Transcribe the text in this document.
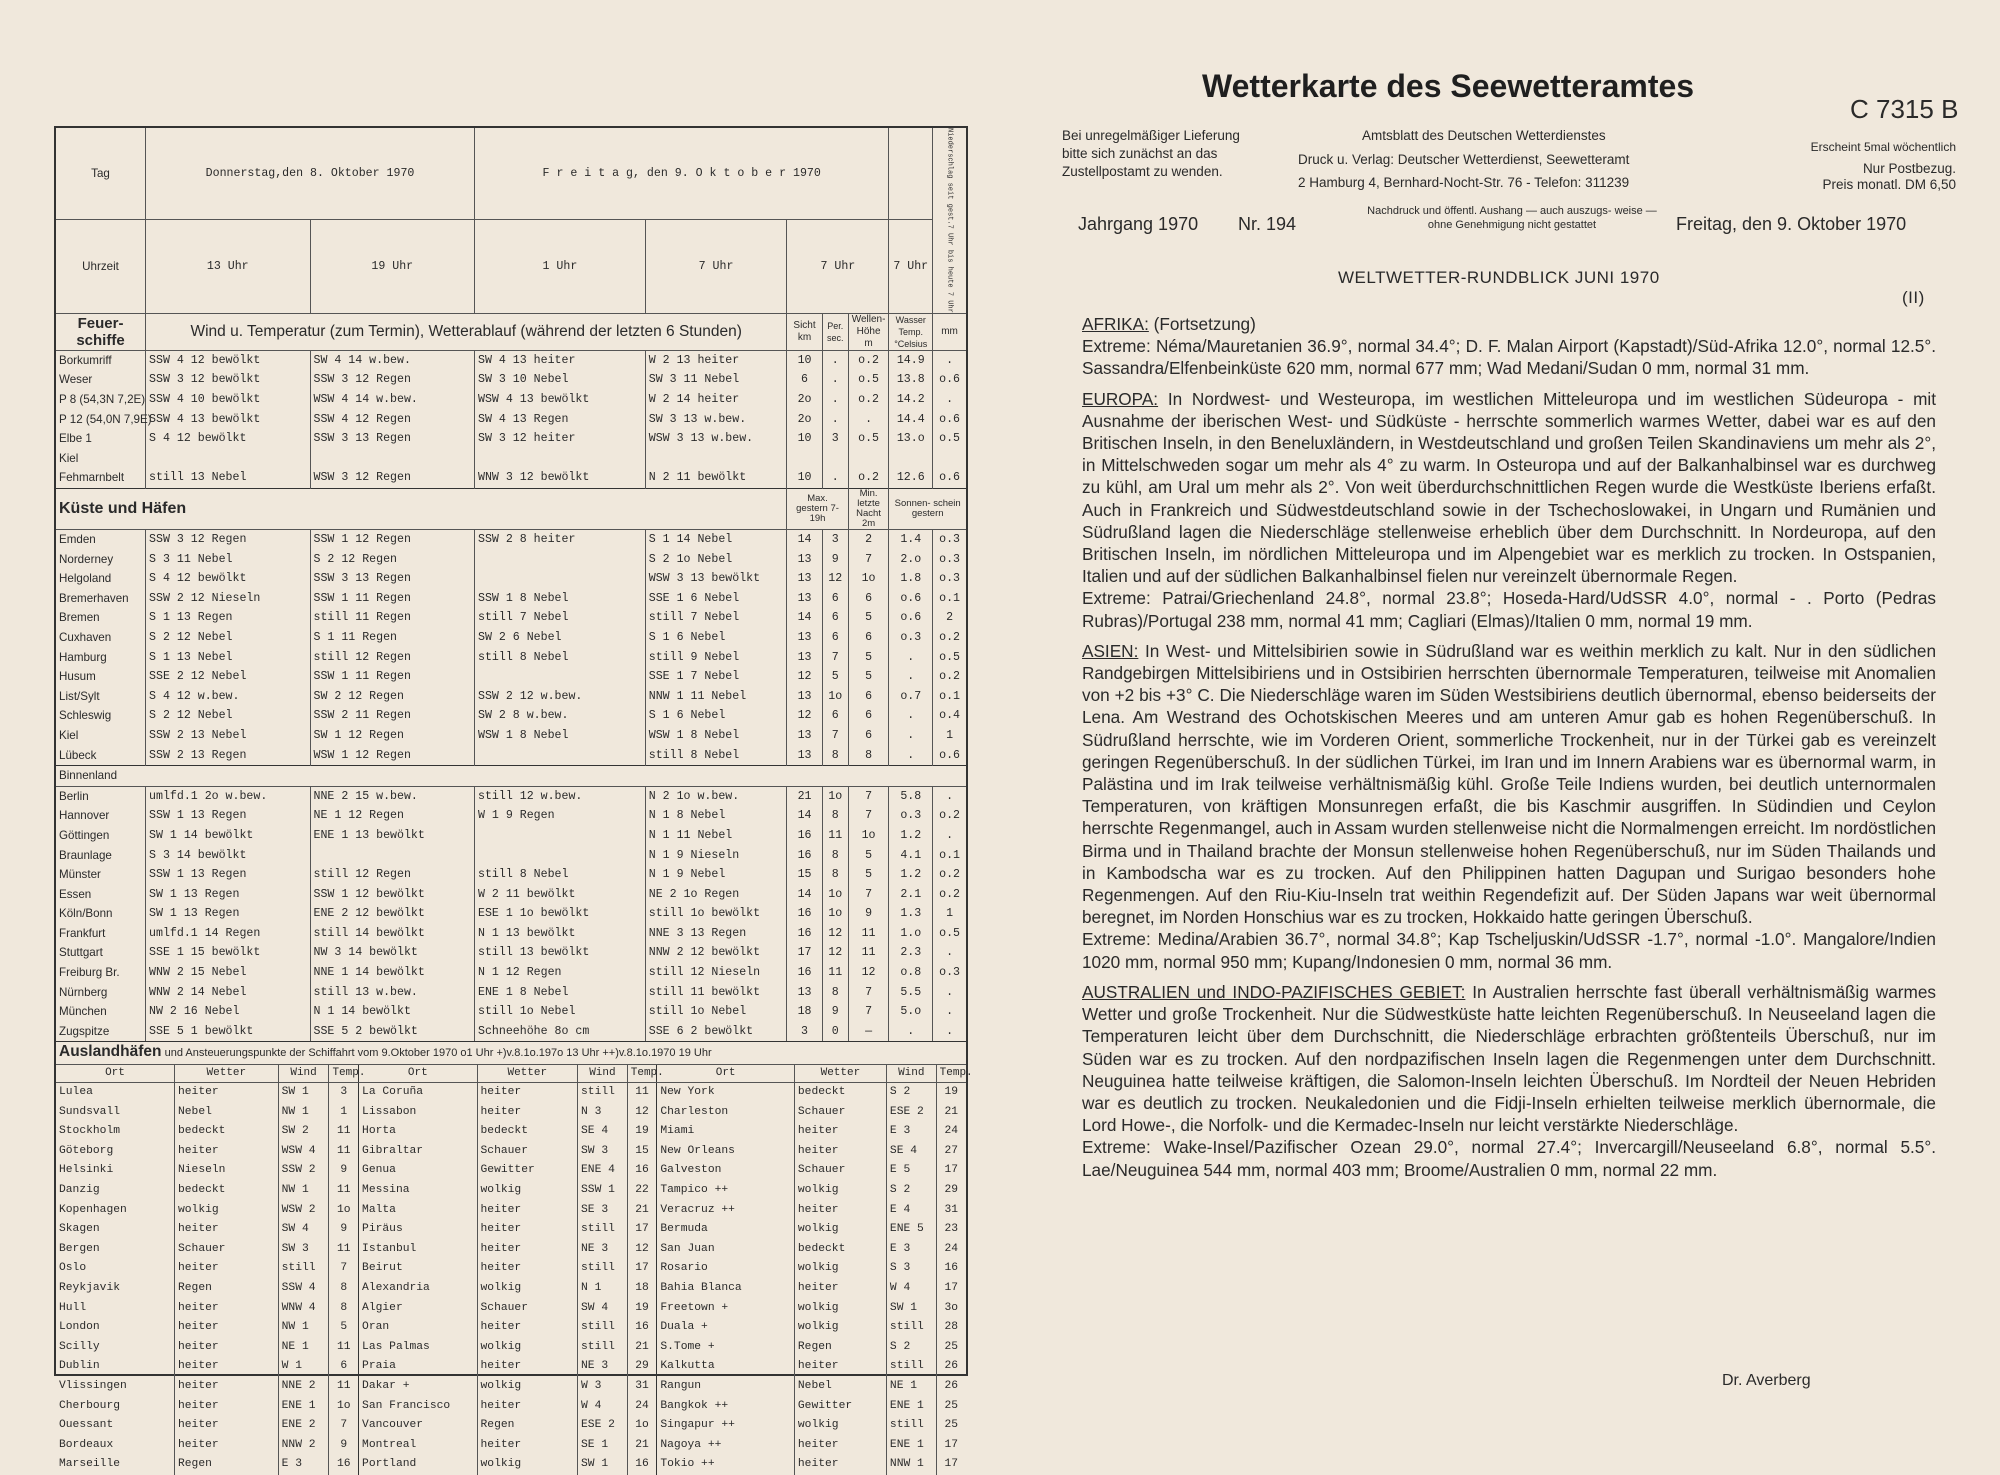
Tag	Donnerstag,den 8. Oktober 1970		F r e i t a g, den 9. O k t o b e r 1970						Niederschlag seit gest.7 Uhr bis heute 7 Uhr
Uhrzeit	13 Uhr	19 Uhr	1 Uhr	7 Uhr	7 Uhr			7 Uhr	
Feuer-schiffe	Wind u. Temperatur (zum Termin), Wetterablauf (während der letzten 6 Stunden)				Sicht km	Per. sec.	Wellen- Höhe m	Wasser Temp. °Celsius	mm
Borkumriff	SSW 4 12 bewölkt	SW 4 14 w.bew.	SW 4 13 heiter	W 2 13 heiter	10	.	o.2	14.9	.
Weser	SSW 3 12 bewölkt	SSW 3 12 Regen	SW 3 10 Nebel	SW 3 11 Nebel	6	.	o.5	13.8	o.6
P 8 (54,3N 7,2E)	SSW 4 10 bewölkt	WSW 4 14 w.bew.	WSW 4 13 bewölkt	W 2 14 heiter	2o	.	o.2	14.2	.
P 12 (54,0N 7,9E)	SSW 4 13 bewölkt	SSW 4 12 Regen	SW 4 13 Regen	SW 3 13 w.bew.	2o	.	.	14.4	o.6
Elbe 1	S 4 12 bewölkt	SSW 3 13 Regen	SW 3 12 heiter	WSW 3 13 w.bew.	10	3	o.5	13.o	o.5
Kiel									
Fehmarnbelt	still 13 Nebel	WSW 3 12 Regen	WNW 3 12 bewölkt	N 2 11 bewölkt	10	.	o.2	12.6	o.6
Küste und Häfen					Max. gestern 7-19h		Min. letzte Nacht 2m	Sonnen- schein gestern	
Emden	SSW 3 12 Regen	SSW 1 12 Regen	SSW 2 8 heiter	S 1 14 Nebel	14	3	2	1.4	o.3
Norderney	S 3 11 Nebel	S 2 12 Regen		S 2 1o Nebel	13	9	7	2.o	o.3
Helgoland	S 4 12 bewölkt	SSW 3 13 Regen		WSW 3 13 bewölkt	13	12	1o	1.8	o.3
Bremerhaven	SSW 2 12 Nieseln	SSW 1 11 Regen	SSW 1 8 Nebel	SSE 1 6 Nebel	13	6	6	o.6	o.1
Bremen	S 1 13 Regen	still 11 Regen	still 7 Nebel	still 7 Nebel	14	6	5	o.6	2
Cuxhaven	S 2 12 Nebel	S 1 11 Regen	SW 2 6 Nebel	S 1 6 Nebel	13	6	6	o.3	o.2
Hamburg	S 1 13 Nebel	still 12 Regen	still 8 Nebel	still 9 Nebel	13	7	5	.	o.5
Husum	SSE 2 12 Nebel	SSW 1 11 Regen		SSE 1 7 Nebel	12	5	5	.	o.2
List/Sylt	S 4 12 w.bew.	SW 2 12 Regen	SSW 2 12 w.bew.	NNW 1 11 Nebel	13	1o	6	o.7	o.1
Schleswig	S 2 12 Nebel	SSW 2 11 Regen	SW 2 8 w.bew.	S 1 6 Nebel	12	6	6	.	o.4
Kiel	SSW 2 13 Nebel	SW 1 12 Regen	WSW 1 8 Nebel	WSW 1 8 Nebel	13	7	6	.	1
Lübeck	SSW 2 13 Regen	WSW 1 12 Regen		still 8 Nebel	13	8	8	.	o.6
Binnenland									
Berlin	umlfd.1 2o w.bew.	NNE 2 15 w.bew.	still 12 w.bew.	N 2 1o w.bew.	21	1o	7	5.8	.
Hannover	SSW 1 13 Regen	NE 1 12 Regen	W 1 9 Regen	N 1 8 Nebel	14	8	7	o.3	o.2
Göttingen	SW 1 14 bewölkt	ENE 1 13 bewölkt		N 1 11 Nebel	16	11	1o	1.2	.
Braunlage	S 3 14 bewölkt			N 1 9 Nieseln	16	8	5	4.1	o.1
Münster	SSW 1 13 Regen	still 12 Regen	still 8 Nebel	N 1 9 Nebel	15	8	5	1.2	o.2
Essen	SW 1 13 Regen	SSW 1 12 bewölkt	W 2 11 bewölkt	NE 2 1o Regen	14	1o	7	2.1	o.2
Köln/Bonn	SW 1 13 Regen	ENE 2 12 bewölkt	ESE 1 1o bewölkt	still 1o bewölkt	16	1o	9	1.3	1
Frankfurt	umlfd.1 14 Regen	still 14 bewölkt	N 1 13 bewölkt	NNE 3 13 Regen	16	12	11	1.o	o.5
Stuttgart	SSE 1 15 bewölkt	NW 3 14 bewölkt	still 13 bewölkt	NNW 2 12 bewölkt	17	12	11	2.3	.
Freiburg Br.	WNW 2 15 Nebel	NNE 1 14 bewölkt	N 1 12 Regen	still 12 Nieseln	16	11	12	o.8	o.3
Nürnberg	WNW 2 14 Nebel	still 13 w.bew.	ENE 1 8 Nebel	still 11 bewölkt	13	8	7	5.5	.
München	NW 2 16 Nebel	N 1 14 bewölkt	still 1o Nebel	still 1o Nebel	18	9	7	5.o	.
Zugspitze	SSE 5 1 bewölkt	SSE 5 2 bewölkt	Schneehöhe 8o cm	SSE 6 2 bewölkt	3	0	—	.	.
Auslandhäfen und Ansteuerungspunkte der Schiffahrt vom 9.Oktober 1970 o1 Uhr +)v.8.1o.197o 13 Uhr ++)v.8.1o.1970 19 Uhr											
Ort	Wetter	Wind	Temp.	Ort	Wetter	Wind	Temp.	Ort	Wetter	Wind	Temp.
Lulea	heiter	SW 1	3	La Coruña	heiter	still	11	New York	bedeckt	S 2	19
Sundsvall	Nebel	NW 1	1	Lissabon	heiter	N 3	12	Charleston	Schauer	ESE 2	21
Stockholm	bedeckt	SW 2	11	Horta	bedeckt	SE 4	19	Miami	heiter	E 3	24
Göteborg	heiter	WSW 4	11	Gibraltar	Schauer	SW 3	15	New Orleans	heiter	SE 4	27
Helsinki	Nieseln	SSW 2	9	Genua	Gewitter	ENE 4	16	Galveston	Schauer	E 5	17
Danzig	bedeckt	NW 1	11	Messina	wolkig	SSW 1	22	Tampico ++	wolkig	S 2	29
Kopenhagen	wolkig	WSW 2	1o	Malta	heiter	SE 3	21	Veracruz ++	heiter	E 4	31
Skagen	heiter	SW 4	9	Piräus	heiter	still	17	Bermuda	wolkig	ENE 5	23
Bergen	Schauer	SW 3	11	Istanbul	heiter	NE 3	12	San Juan	bedeckt	E 3	24
Oslo	heiter	still	7	Beirut	heiter	still	17	Rosario	wolkig	S 3	16
Reykjavik	Regen	SSW 4	8	Alexandria	wolkig	N 1	18	Bahia Blanca	heiter	W 4	17
Hull	heiter	WNW 4	8	Algier	Schauer	SW 4	19	Freetown +	wolkig	SW 1	3o
London	heiter	NW 1	5	Oran	heiter	still	16	Duala +	wolkig	still	28
Scilly	heiter	NE 1	11	Las Palmas	wolkig	still	21	S.Tome +	Regen	S 2	25
Dublin	heiter	W 1	6	Praia	heiter	NE 3	29	Kalkutta	heiter	still	26
Vlissingen	heiter	NNE 2	11	Dakar +	wolkig	W 3	31	Rangun	Nebel	NE 1	26
Cherbourg	heiter	ENE 1	1o	San Francisco	heiter	W 4	24	Bangkok ++	Gewitter	ENE 1	25
Ouessant	heiter	ENE 2	7	Vancouver	Regen	ESE 2	1o	Singapur ++	wolkig	still	25
Bordeaux	heiter	NNW 2	9	Montreal	heiter	SE 1	21	Nagoya ++	heiter	ENE 1	17
Marseille	Regen	E 3	16	Portland	wolkig	SW 1	16	Tokio ++	heiter	NNW 1	17
Wetterkarte des Seewetteramtes
C 7315 B
Bei unregelmäßiger Lieferung bitte sich zunächst an das Zustellpostamt zu wenden.
Amtsblatt des Deutschen Wetterdienstes
Druck u. Verlag: Deutscher Wetterdienst, Seewetteramt
2 Hamburg 4, Bernhard-Nocht-Str. 76 - Telefon: 311239
Erscheint 5mal wöchentlich
Nur Postbezug.
Preis monatl. DM 6,50
Nachdruck und öffentl. Aushang — auch auszugs- weise — ohne Genehmigung nicht gestattet
Jahrgang 1970 Nr. 194	Freitag, den 9. Oktober 1970
WELTWETTER-RUNDBLICK JUNI 1970
(II)

AFRIKA: (Fortsetzung)
Extreme: Néma/Mauretanien 36.9°, normal 34.4°; D. F. Malan Airport (Kapstadt)/Süd-Afrika 12.0°, normal 12.5°. Sassandra/Elfenbeinküste 620 mm, normal 677 mm; Wad Medani/Sudan 0 mm, normal 31 mm.

EUROPA: In Nordwest- und Westeuropa, im westlichen Mitteleuropa und im westlichen Südeuropa - mit Ausnahme der iberischen West- und Südküste - herrschte sommerlich warmes Wetter, dabei war es auf den Britischen Inseln, in den Beneluxländern, in Westdeutschland und großen Teilen Skandinaviens um mehr als 2°, in Mittelschweden sogar um mehr als 4° zu warm. In Osteuropa und auf der Balkanhalbinsel war es durchweg zu kühl, am Ural um mehr als 2°. Von weit überdurchschnittlichen Regen wurde die Westküste Iberiens erfaßt. Auch in Frankreich und Südwestdeutschland sowie in der Tschechoslowakei, in Ungarn und Rumänien und Südrußland lagen die Niederschläge stellenweise erheblich über dem Durchschnitt. In Nordeuropa, auf den Britischen Inseln, im nördlichen Mitteleuropa und im Alpengebiet war es merklich zu trocken. In Ostspanien, Italien und auf der südlichen Balkanhalbinsel fielen nur vereinzelt übernormale Regen.
Extreme: Patrai/Griechenland 24.8°, normal 23.8°; Hoseda-Hard/UdSSR 4.0°, normal - . Porto (Pedras Rubras)/Portugal 238 mm, normal 41 mm; Cagliari (Elmas)/Italien 0 mm, normal 19 mm.

ASIEN: In West- und Mittelsibirien sowie in Südrußland war es weithin merklich zu kalt. Nur in den südlichen Randgebirgen Mittelsibiriens und in Ostsibirien herrschten übernormale Temperaturen, teilweise mit Anomalien von +2 bis +3° C. Die Niederschläge waren im Süden Westsibiriens deutlich übernormal, ebenso beiderseits der Lena. Am Westrand des Ochotskischen Meeres und am unteren Amur gab es hohen Regenüberschuß. In Südrußland herrschte, wie im Vorderen Orient, sommerliche Trockenheit, nur in der Türkei gab es vereinzelt geringen Regenüberschuß. In der südlichen Türkei, im Iran und im Innern Arabiens war es übernormal warm, in Palästina und im Irak teilweise verhältnismäßig kühl. Große Teile Indiens wurden, bei deutlich unternormalen Temperaturen, von kräftigen Monsunregen erfaßt, die bis Kaschmir ausgriffen. In Südindien und Ceylon herrschte Regenmangel, auch in Assam wurden stellenweise nicht die Normalmengen erreicht. Im nordöstlichen Birma und in Thailand brachte der Monsun stellenweise hohen Regenüberschuß, nur im Süden Thailands und in Kambodscha war es zu trocken. Auf den Philippinen hatten Dagupan und Surigao besonders hohe Regenmengen. Auf den Riu-Kiu-Inseln trat weithin Regendefizit auf. Der Süden Japans war weit übernormal beregnet, im Norden Honschius war es zu trocken, Hokkaido hatte geringen Überschuß.
Extreme: Medina/Arabien 36.7°, normal 34.8°; Kap Tscheljuskin/UdSSR -1.7°, normal -1.0°. Mangalore/Indien 1020 mm, normal 950 mm; Kupang/Indonesien 0 mm, normal 36 mm.

AUSTRALIEN und INDO-PAZIFISCHES GEBIET: In Australien herrschte fast überall verhältnismäßig warmes Wetter und große Trockenheit. Nur die Südwestküste hatte leichten Regenüberschuß. In Neuseeland lagen die Temperaturen leicht über dem Durchschnitt, die Niederschläge erbrachten größtenteils Überschuß, nur im Süden war es zu trocken. Auf den nordpazifischen Inseln lagen die Regenmengen unter dem Durchschnitt. Neuguinea hatte teilweise kräftigen, die Salomon-Inseln leichten Überschuß. Im Nordteil der Neuen Hebriden war es deutlich zu trocken. Neukaledonien und die Fidji-Inseln erhielten teilweise merklich übernormale, die Lord Howe-, die Norfolk- und die Kermadec-Inseln nur leicht verstärkte Niederschläge.
Extreme: Wake-Insel/Pazifischer Ozean 29.0°, normal 27.4°; Invercargill/Neuseeland 6.8°, normal 5.5°. Lae/Neuguinea 544 mm, normal 403 mm; Broome/Australien 0 mm, normal 22 mm.

Dr. Averberg
